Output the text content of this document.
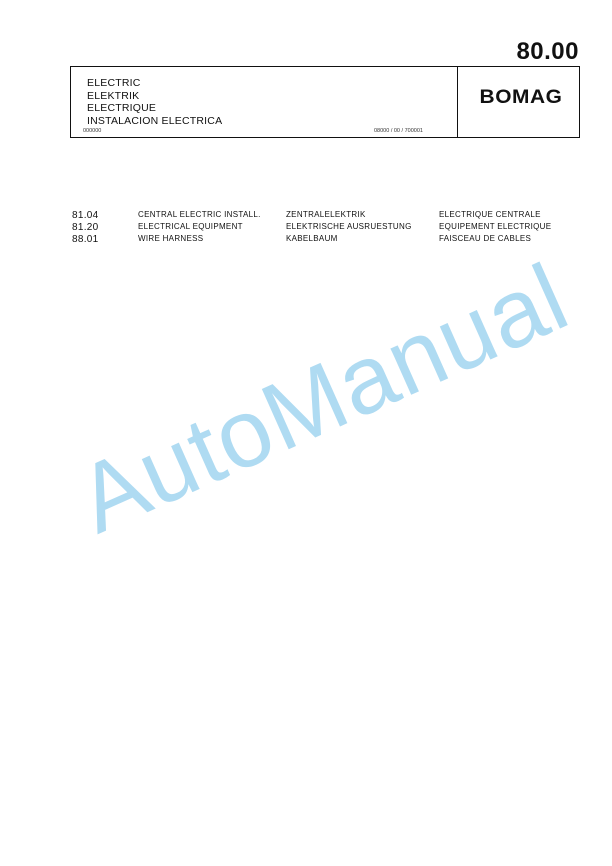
80.00
ELECTRIC
ELEKTRIK
ELECTRIQUE
INSTALACION ELECTRICA
000000	08000 / 00 / 700001
BOMAG
81.04	CENTRAL ELECTRIC INSTALL.	ZENTRALELEKTRIK	ELECTRIQUE CENTRALE
81.20	ELECTRICAL EQUIPMENT	ELEKTRISCHE AUSRUESTUNG	EQUIPEMENT ELECTRIQUE
88.01	WIRE HARNESS	KABELBAUM	FAISCEAU DE CABLES
AutoManual
